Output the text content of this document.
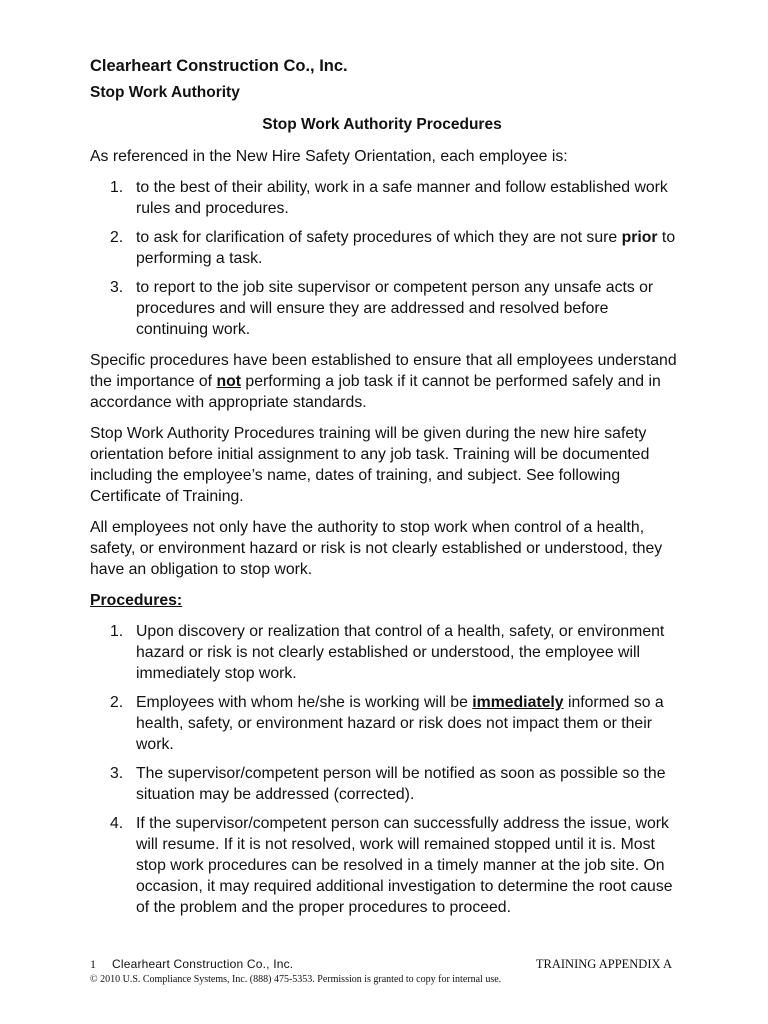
Clearheart Construction Co., Inc.
Stop Work Authority
Stop Work Authority Procedures

As referenced in the New Hire Safety Orientation, each employee is:

1. to the best of their ability, work in a safe manner and follow established work rules and procedures.
2. to ask for clarification of safety procedures of which they are not sure prior to performing a task.
3. to report to the job site supervisor or competent person any unsafe acts or procedures and will ensure they are addressed and resolved before continuing work.

Specific procedures have been established to ensure that all employees understand the importance of not performing a job task if it cannot be performed safely and in accordance with appropriate standards.

Stop Work Authority Procedures training will be given during the new hire safety orientation before initial assignment to any job task. Training will be documented including the employee’s name, dates of training, and subject. See following Certificate of Training.

All employees not only have the authority to stop work when control of a health, safety, or environment hazard or risk is not clearly established or understood, they have an obligation to stop work.

Procedures:
1. Upon discovery or realization that control of a health, safety, or environment hazard or risk is not clearly established or understood, the employee will immediately stop work.
2. Employees with whom he/she is working will be immediately informed so a health, safety, or environment hazard or risk does not impact them or their work.
3. The supervisor/competent person will be notified as soon as possible so the situation may be addressed (corrected).
4. If the supervisor/competent person can successfully address the issue, work will resume. If it is not resolved, work will remained stopped until it is. Most stop work procedures can be resolved in a timely manner at the job site. On occasion, it may required additional investigation to determine the root cause of the problem and the proper procedures to proceed.
1 Clearheart Construction Co., Inc.	TRAINING APPENDIX A
© 2010 U.S. Compliance Systems, Inc. (888) 475-5353. Permission is granted to copy for internal use.
